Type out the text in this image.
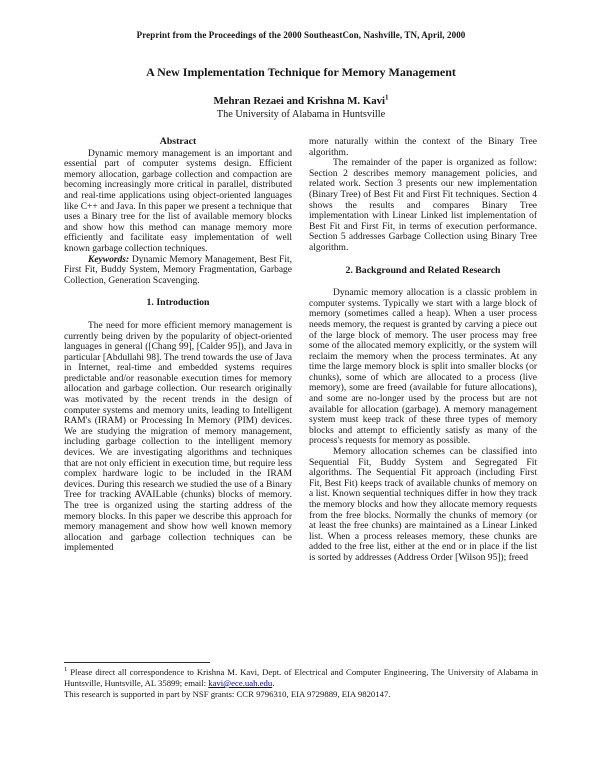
Preprint from the Proceedings of the 2000 SoutheastCon, Nashville, TN, April, 2000
A New Implementation Technique for Memory Management
Mehran Rezaei and Krishna M. Kavi$^1$
The University of Alabama in Huntsville
Abstract

Dynamic memory management is an important and essential part of computer systems design. Efficient memory allocation, garbage collection and compaction are becoming increasingly more critical in parallel, distributed and real-time applications using object-oriented languages like C++ and Java. In this paper we present a technique that uses a Binary tree for the list of available memory blocks and show how this method can manage memory more efficiently and facilitate easy implementation of well known garbage collection techniques.

Keywords: Dynamic Memory Management, Best Fit, First Fit, Buddy System, Memory Fragmentation, Garbage Collection, Generation Scavenging.

1. Introduction

The need for more efficient memory management is currently being driven by the popularity of object-oriented languages in general ([Chang 99], [Calder 95]), and Java in particular [Abdullahi 98]. The trend towards the use of Java in Internet, real-time and embedded systems requires predictable and/or reasonable execution times for memory allocation and garbage collection. Our research originally was motivated by the recent trends in the design of computer systems and memory units, leading to Intelligent RAM's (IRAM) or Processing In Memory (PIM) devices. We are studying the migration of memory management, including garbage collection to the intelligent memory devices. We are investigating algorithms and techniques that are not only efficient in execution time, but require less complex hardware logic to be included in the IRAM devices. During this research we studied the use of a Binary Tree for tracking AVAILable (chunks) blocks of memory. The tree is organized using the starting address of the memory blocks. In this paper we describe this approach for memory management and show how well known memory allocation and garbage collection techniques can be implemented

more naturally within the context of the Binary Tree algorithm.

The remainder of the paper is organized as follow: Section 2 describes memory management policies, and related work. Section 3 presents our new implementation (Binary Tree) of Best Fit and First Fit techniques. Section 4 shows the results and compares Binary Tree implementation with Linear Linked list implementation of Best Fit and First Fit, in terms of execution performance. Section 5 addresses Garbage Collection using Binary Tree algorithm.

2. Background and Related Research

Dynamic memory allocation is a classic problem in computer systems. Typically we start with a large block of memory (sometimes called a heap). When a user process needs memory, the request is granted by carving a piece out of the large block of memory. The user process may free some of the allocated memory explicitly, or the system will reclaim the memory when the process terminates. At any time the large memory block is split into smaller blocks (or chunks), some of which are allocated to a process (live memory), some are freed (available for future allocations), and some are no-longer used by the process but are not available for allocation (garbage). A memory management system must keep track of these three types of memory blocks and attempt to efficiently satisfy as many of the process's requests for memory as possible.

Memory allocation schemes can be classified into Sequential Fit, Buddy System and Segregated Fit algorithms. The Sequential Fit approach (including First Fit, Best Fit) keeps track of available chunks of memory on a list. Known sequential techniques differ in how they track the memory blocks and how they allocate memory requests from the free blocks. Normally the chunks of memory (or at least the free chunks) are maintained as a Linear Linked list. When a process releases memory, these chunks are added to the free list, either at the end or in place if the list is sorted by addresses (Address Order [Wilson 95]); freed

$^1$ Please direct all correspondence to Krishna M. Kavi, Dept. of Electrical and Computer Engineering, The University of Alabama in Huntsville, Huntsville, AL 35899; email: kavi@ece.uah.edu.
This research is supported in part by NSF grants: CCR 9796310, EIA 9729889, EIA 9820147.
